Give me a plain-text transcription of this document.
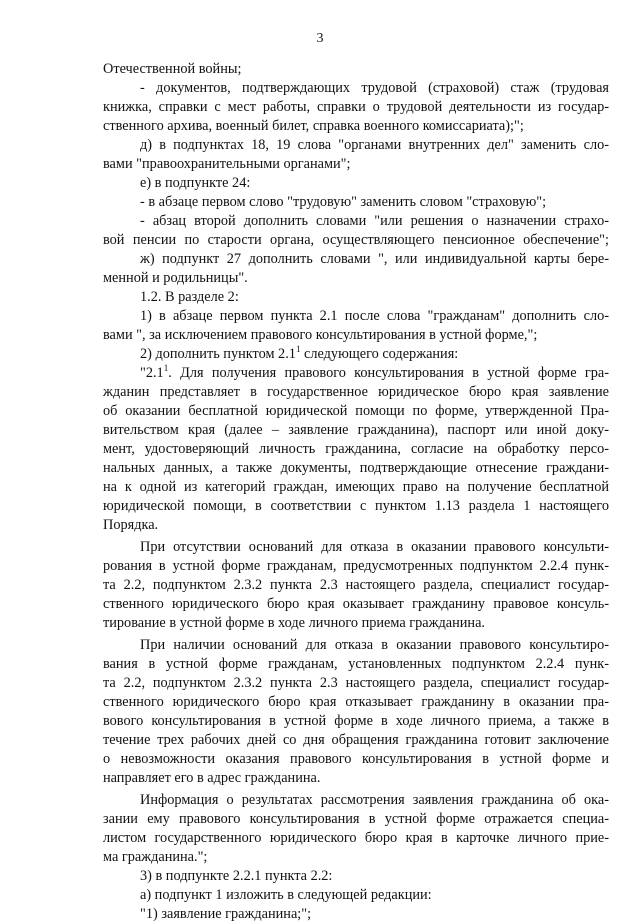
3
Отечественной войны;
- документов, подтверждающих трудовой (страховой) стаж (трудовая
книжка, справки с мест работы, справки о трудовой деятельности из государ-
ственного архива, военный билет, справка военного комиссариата);";
д) в подпунктах 18, 19 слова "органами внутренних дел" заменить сло-
вами "правоохранительными органами";
е) в подпункте 24:
- в абзаце первом слово "трудовую" заменить словом "страховую";
- абзац второй дополнить словами "или решения о назначении страхо-
вой пенсии по старости органа, осуществляющего пенсионное обеспечение";
ж) подпункт 27 дополнить словами ", или индивидуальной карты бере-
менной и родильницы".
1.2. В разделе 2:
1) в абзаце первом пункта 2.1 после слова "гражданам" дополнить сло-
вами ", за исключением правового консультирования в устной форме,";
2) дополнить пунктом $2.1^1$ следующего содержания:
"$2.1^1$. Для получения правового консультирования в устной форме гра-
жданин представляет в государственное юридическое бюро края заявление
об оказании бесплатной юридической помощи по форме, утвержденной Пра-
вительством края (далее – заявление гражданина), паспорт или иной доку-
мент, удостоверяющий личность гражданина, согласие на обработку персо-
нальных данных, а также документы, подтверждающие отнесение граждани-
на к одной из категорий граждан, имеющих право на получение бесплатной
юридической помощи, в соответствии с пунктом 1.13 раздела 1 настоящего
Порядка.
При отсутствии оснований для отказа в оказании правового консульти-
рования в устной форме гражданам, предусмотренных подпунктом 2.2.4 пунк-
та 2.2, подпунктом 2.3.2 пункта 2.3 настоящего раздела, специалист госудaр-
ственного юридического бюро края оказывает гражданину правовое консуль-
тирование в устной форме в ходе личного приема гражданина.
При наличии оснований для отказа в оказании правового консультиро-
вания в устной форме гражданам, установленных подпунктом 2.2.4 пунк-
та 2.2, подпунктом 2.3.2 пункта 2.3 настоящего раздела, специалист госудaр-
ственного юридического бюро края отказывает гражданину в оказании пра-
вового консультирования в устной форме в ходе личного приема, а также в
течение трех рабочих дней со дня обращения гражданина готовит заключение
о невозможности оказания правового консультирования в устной форме и
направляет его в адрес гражданина.
Информация о результатах рассмотрения заявления гражданина об ока-
зании ему правового консультирования в устной форме отражается специа-
листом государственного юридического бюро края в карточке личного прие-
ма гражданина.";
3) в подпункте 2.2.1 пункта 2.2:
а) подпункт 1 изложить в следующей редакции:
"1) заявление гражданина;";
